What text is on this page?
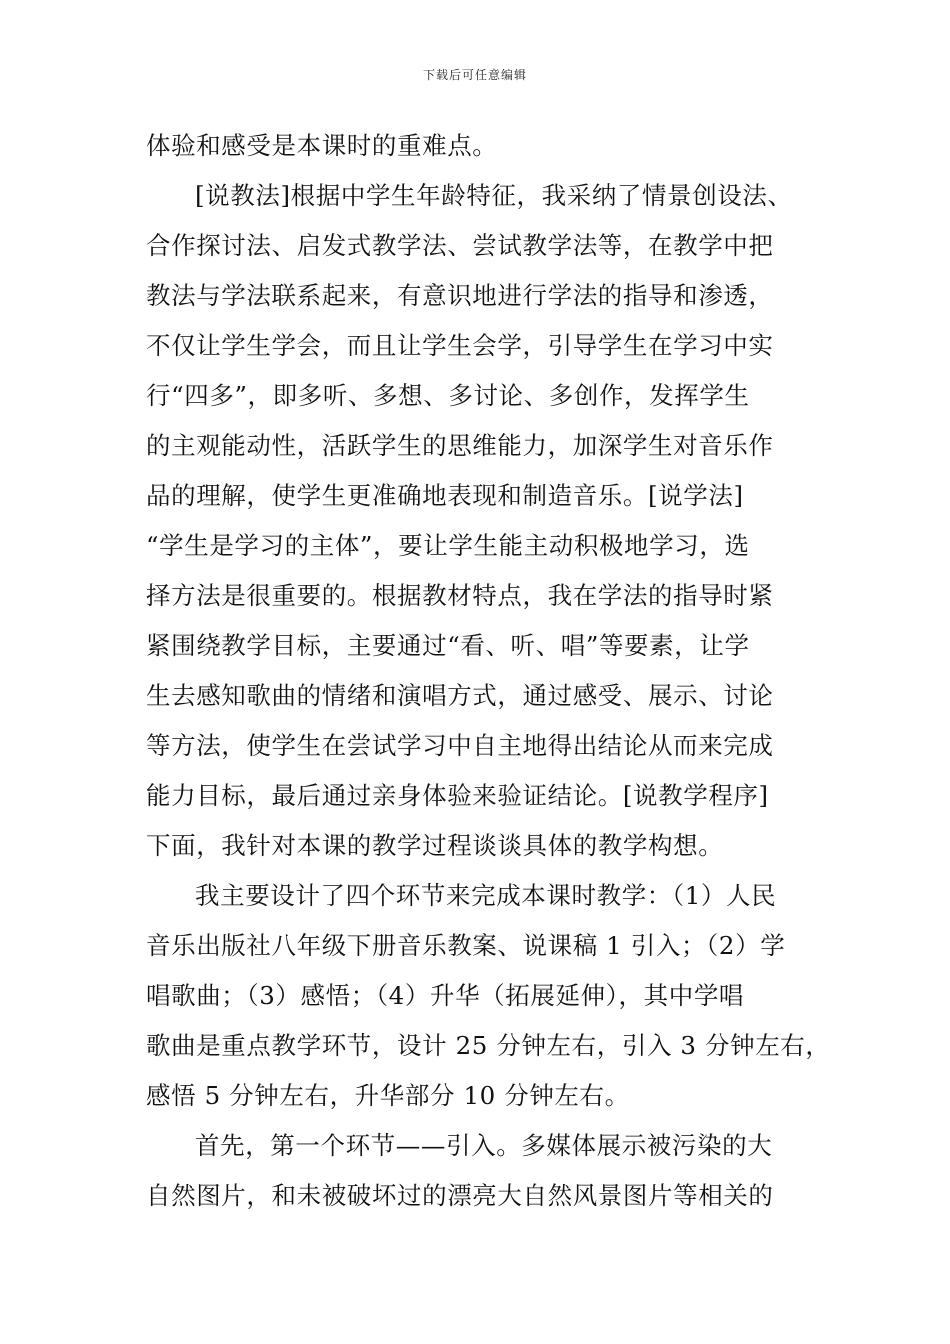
下载后可任意编辑
体验和感受是本课时的重难点。
[说教法]根据中学生年龄特征，我采纳了情景创设法、
合作探讨法、启发式教学法、尝试教学法等，在教学中把
教法与学法联系起来，有意识地进行学法的指导和渗透，
不仅让学生学会，而且让学生会学，引导学生在学习中实
行“四多”，即多听、多想、多讨论、多创作，发挥学生
的主观能动性，活跃学生的思维能力，加深学生对音乐作
品的理解，使学生更准确地表现和制造音乐。[说学法]
“学生是学习的主体”，要让学生能主动积极地学习，选
择方法是很重要的。根据教材特点，我在学法的指导时紧
紧围绕教学目标，主要通过“看、听、唱”等要素，让学
生去感知歌曲的情绪和演唱方式，通过感受、展示、讨论
等方法，使学生在尝试学习中自主地得出结论从而来完成
能力目标，最后通过亲身体验来验证结论。[说教学程序]
下面，我针对本课的教学过程谈谈具体的教学构想。
我主要设计了四个环节来完成本课时教学：（1）人民
音乐出版社八年级下册音乐教案、说课稿 1 引入；（2）学
唱歌曲；（3）感悟；（4）升华（拓展延伸），其中学唱
歌曲是重点教学环节，设计 25 分钟左右，引入 3 分钟左右，
感悟 5 分钟左右，升华部分 10 分钟左右。
首先，第一个环节——引入。多媒体展示被污染的大
自然图片，和未被破坏过的漂亮大自然风景图片等相关的
